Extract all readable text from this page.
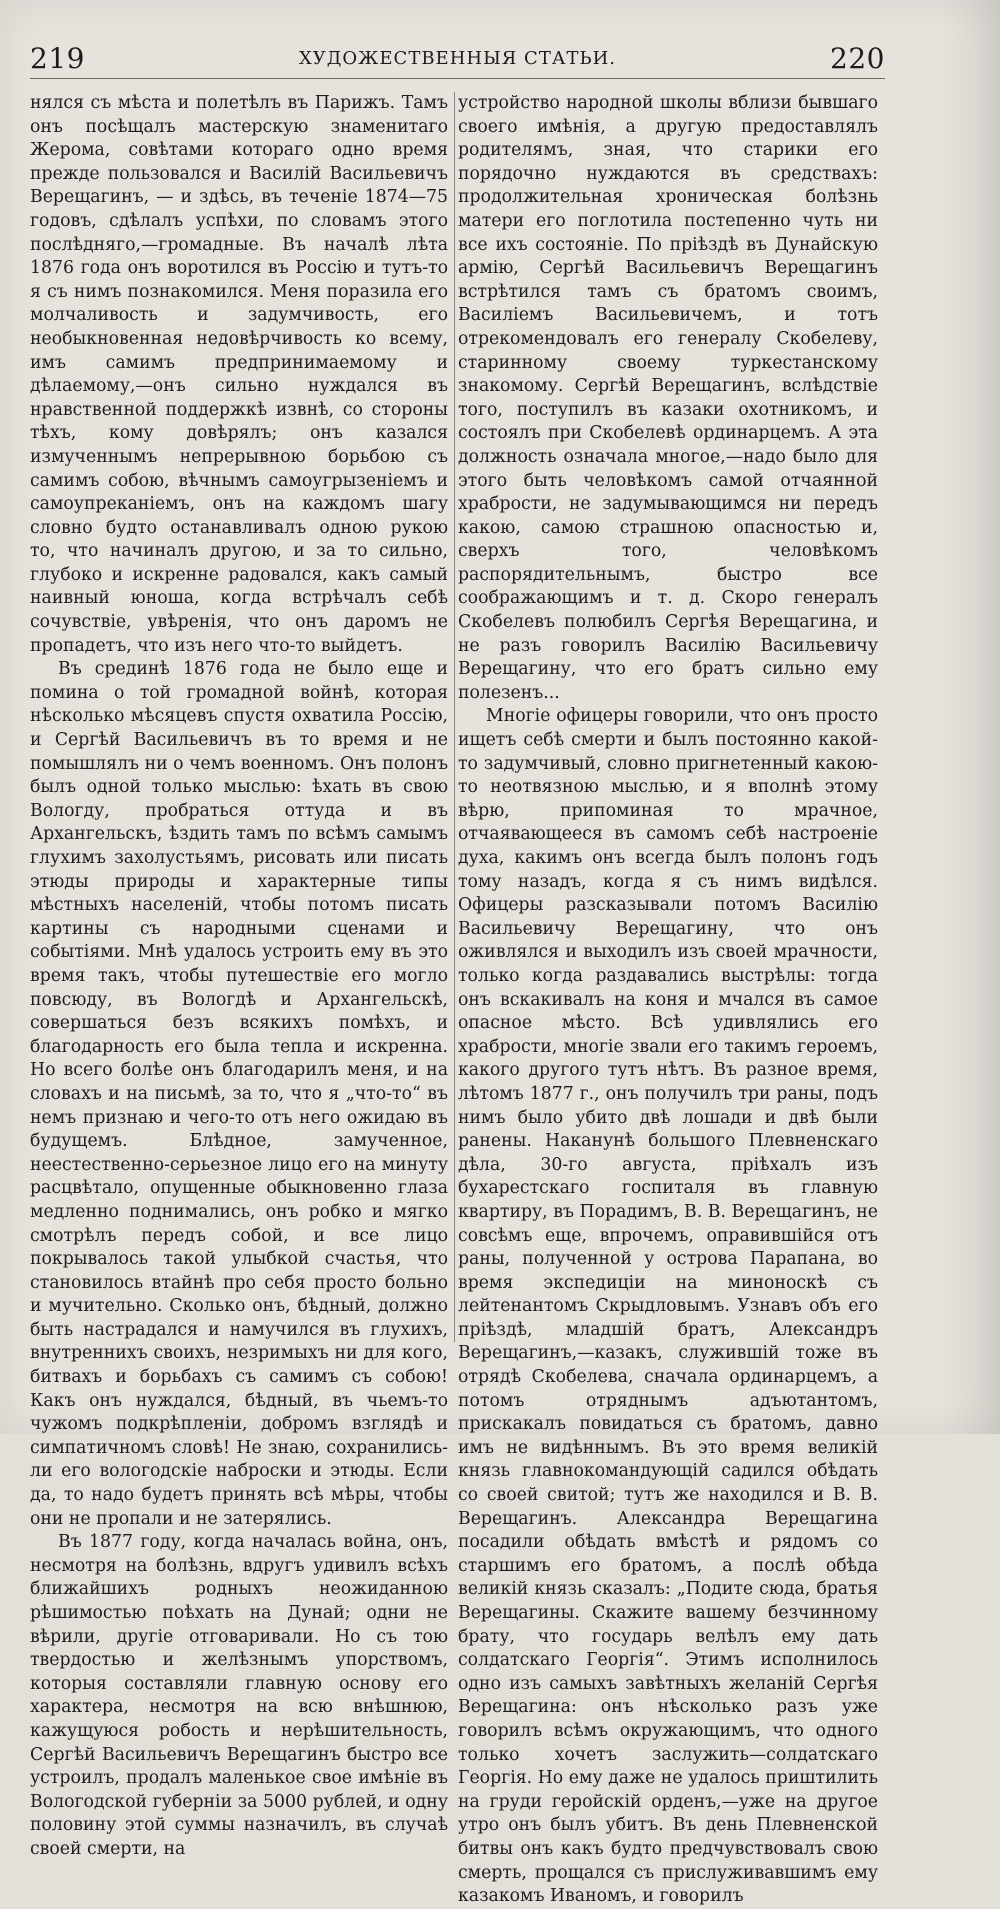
219	ХУДОЖЕСТВЕННЫЯ СТАТЬИ.	220

нялся съ мѣста и полетѣлъ въ Парижъ. Тамъ онъ посѣщалъ мастерскую знаменитаго Жерома, совѣтами котораго одно время прежде пользовался и Василій Васильевичъ Верещагинъ, — и здѣсь, въ теченіе 1874—75 годовъ, сдѣлалъ успѣхи, по словамъ этого послѣдняго,—громадные. Въ началѣ лѣта 1876 года онъ воротился въ Россію и тутъ-то я съ нимъ познакомился. Меня поразила его молчаливость и задумчивость, его необыкновенная недовѣрчивость ко всему, имъ самимъ предпринимаемому и дѣлаемому,—онъ сильно нуждался въ нравственной поддержкѣ извнѣ, со стороны тѣхъ, кому довѣрялъ; онъ казался измученнымъ непрерывною борьбою съ самимъ собою, вѣчнымъ самоугрызеніемъ и самоупреканіемъ, онъ на каждомъ шагу словно будто останавливалъ одною рукою то, что начиналъ другою, и за то сильно, глубоко и искренне радовался, какъ самый наивный юноша, когда встрѣчалъ себѣ сочувствіе, увѣренія, что онъ даромъ не пропадетъ, что изъ него что-то выйдетъ.

Въ срединѣ 1876 года не было еще и помина о той громадной войнѣ, которая нѣсколько мѣсяцевъ спустя охватила Россію, и Сергѣй Васильевичъ въ то время и не помышлялъ ни о чемъ военномъ. Онъ полонъ былъ одной только мыслью: ѣхать въ свою Вологду, пробраться оттуда и въ Архангельскъ, ѣздить тамъ по всѣмъ самымъ глухимъ захолустьямъ, рисовать или писать этюды природы и характерные типы мѣстныхъ населеній, чтобы потомъ писать картины съ народными сценами и событіями. Мнѣ удалось устроить ему въ это время такъ, чтобы путешествіе его могло повсюду, въ Вологдѣ и Архангельскѣ, совершаться безъ всякихъ помѣхъ, и благодарность его была тепла и искренна. Но всего болѣе онъ благодарилъ меня, и на словахъ и на письмѣ, за то, что я „что-то“ въ немъ признаю и чего-то отъ него ожидаю въ будущемъ. Блѣдное, замученное, неестественно-серьезное лицо его на минуту расцвѣтало, опущенные обыкновенно глаза медленно поднимались, онъ робко и мягко смотрѣлъ передъ собой, и все лицо покрывалось такой улыбкой счастья, что становилось втайнѣ про себя просто больно и мучительно. Сколько онъ, бѣдный, должно быть настрадался и намучился въ глухихъ, внутреннихъ своихъ, незримыхъ ни для кого, битвахъ и борьбахъ съ самимъ съ собою! Какъ онъ нуждался, бѣдный, въ чьемъ-то чужомъ подкрѣпленіи, добромъ взглядѣ и симпатичномъ словѣ! Не знаю, сохранились-ли его вологодскіе наброски и этюды. Если да, то надо будетъ принять всѣ мѣры, чтобы они не пропали и не затерялись.

Въ 1877 году, когда началась война, онъ, несмотря на болѣзнь, вдругъ удивилъ всѣхъ ближайшихъ родныхъ неожиданною рѣшимостью поѣхать на Дунай; одни не вѣрили, другіе отговаривали. Но съ тою твердостью и желѣзнымъ упорствомъ, которыя составляли главную основу его характера, несмотря на всю внѣшнюю, кажущуюся робость и нерѣшительность, Сергѣй Васильевичъ Верещагинъ быстро все устроилъ, продалъ маленькое свое имѣніе въ Вологодской губерніи за 5000 рублей, и одну половину этой суммы назначилъ, въ случаѣ своей смерти, на

устройство народной школы вблизи бывшаго своего имѣнія, а другую предоставлялъ родителямъ, зная, что старики его порядочно нуждаются въ средствахъ: продолжительная хроническая болѣзнь матери его поглотила постепенно чуть ни все ихъ состояніе. По пріѣздѣ въ Дунайскую армію, Сергѣй Васильевичъ Верещагинъ встрѣтился тамъ съ братомъ своимъ, Василіемъ Васильевичемъ, и тотъ отрекомендовалъ его генералу Скобелеву, старинному своему туркестанскому знакомому. Сергѣй Верещагинъ, вслѣдствіе того, поступилъ въ казаки охотникомъ, и состоялъ при Скобелевѣ ординарцемъ. А эта должность означала многое,—надо было для этого быть человѣкомъ самой отчаянной храбрости, не задумывающимся ни передъ какою, самою страшною опасностью и, сверхъ того, человѣкомъ распорядительнымъ, быстро все соображающимъ и т. д. Скоро генералъ Скобелевъ полюбилъ Сергѣя Верещагина, и не разъ говорилъ Василію Васильевичу Верещагину, что его братъ сильно ему полезенъ...

Многіе офицеры говорили, что онъ просто ищетъ себѣ смерти и былъ постоянно какой-то задумчивый, словно пригнетенный какою-то неотвязною мыслью, и я вполнѣ этому вѣрю, припоминая то мрачное, отчаявающееся въ самомъ себѣ настроеніе духа, какимъ онъ всегда былъ полонъ годъ тому назадъ, когда я съ нимъ видѣлся. Офицеры разсказывали потомъ Василію Васильевичу Верещагину, что онъ оживлялся и выходилъ изъ своей мрачности, только когда раздавались выстрѣлы: тогда онъ вскакивалъ на коня и мчался въ самое опасное мѣсто. Всѣ удивлялись его храбрости, многіе звали его такимъ героемъ, какого другого тутъ нѣтъ. Въ разное время, лѣтомъ 1877 г., онъ получилъ три раны, подъ нимъ было убито двѣ лошади и двѣ были ранены. Наканунѣ большого Плевненскаго дѣла, 30-го августа, пріѣхалъ изъ бухарестскаго госпиталя въ главную квартиру, въ Порадимъ, В. В. Верещагинъ, не совсѣмъ еще, впрочемъ, оправившійся отъ раны, полученной у острова Парапана, во время экспедиціи на миноноскѣ съ лейтенантомъ Скрыдловымъ. Узнавъ объ его пріѣздѣ, младшій братъ, Александръ Верещагинъ,—казакъ, служившій тоже въ отрядѣ Скобелева, сначала ординарцемъ, а потомъ отряднымъ адъютантомъ, прискакалъ повидаться съ братомъ, давно имъ не видѣннымъ. Въ это время великій князь главнокомандующій садился обѣдать со своей свитой; тутъ же находился и В. В. Верещагинъ. Александра Верещагина посадили обѣдать вмѣстѣ и рядомъ со старшимъ его братомъ, а послѣ обѣда великій князь сказалъ: „Подите сюда, братья Верещагины. Скажите вашему безчинному брату, что государь велѣлъ ему дать солдатскаго Георгія“. Этимъ исполнилось одно изъ самыхъ завѣтныхъ желаній Сергѣя Верещагина: онъ нѣсколько разъ уже говорилъ всѣмъ окружающимъ, что одного только хочетъ заслужить—солдатскаго Георгія. Но ему даже не удалось приштилить на груди геройскій орденъ,—уже на другое утро онъ былъ убитъ. Въ день Плевненской битвы онъ какъ будто предчувствовалъ свою смерть, прощался съ прислуживавшимъ ему казакомъ Иваномъ, и говорилъ
